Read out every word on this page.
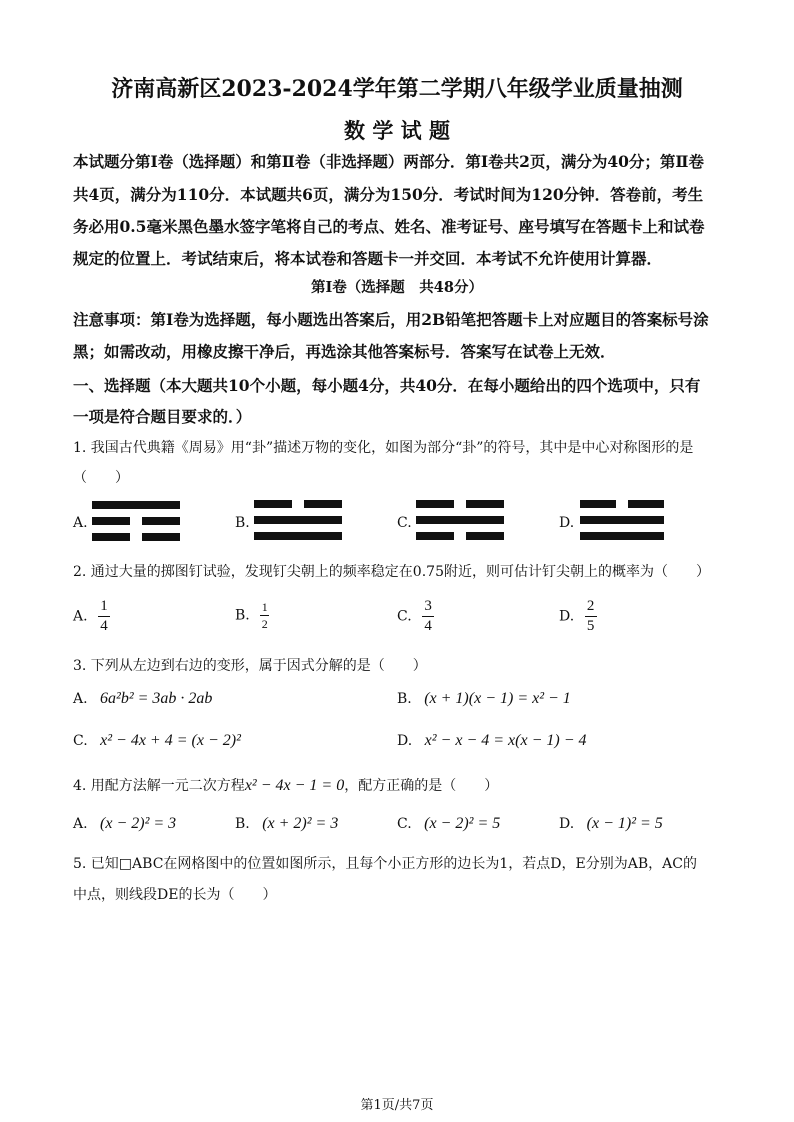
济南高新区2023-2024学年第二学期八年级学业质量抽测
数 学 试 题
本试题分第Ⅰ卷（选择题）和第Ⅱ卷（非选择题）两部分．第Ⅰ卷共2页，满分为40分；第Ⅱ卷
共4页，满分为110分．本试题共6页，满分为150分．考试时间为120分钟．答卷前，考生
务必用0.5毫米黑色墨水签字笔将自己的考点、姓名、准考证号、座号填写在答题卡上和试卷
规定的位置上．考试结束后，将本试卷和答题卡一并交回．本考试不允许使用计算器．
第Ⅰ卷（选择题　共48分）
注意事项：第Ⅰ卷为选择题，每小题选出答案后，用2B铅笔把答题卡上对应题目的答案标号涂
黑；如需改动，用橡皮擦干净后，再选涂其他答案标号．答案写在试卷上无效．
一、选择题（本大题共10个小题，每小题4分，共40分．在每小题给出的四个选项中，只有
一项是符合题目要求的．）
1. 我国古代典籍《周易》用“卦”描述万物的变化，如图为部分“卦”的符号，其中是中心对称图形的是
（　　）
A.	B.	C.	D.
2. 通过大量的掷图钉试验，发现钉尖朝上的频率稳定在0.75附近，则可估计钉尖朝上的概率为（　　）
A. $\frac{1}{4}$	B. $\frac{1}{2}$	C. $\frac{3}{4}$	D. $\frac{2}{5}$
3. 下列从左边到右边的变形，属于因式分解的是（　　）
A. 6a²b² = 3ab · 2ab	B. (x + 1)(x − 1) = x² − 1
C. x² − 4x + 4 = (x − 2)²	D. x² − x − 4 = x(x − 1) − 4
4. 用配方法解一元二次方程x² − 4x − 1 = 0，配方正确的是（　　）
A. (x − 2)² = 3	B. (x + 2)² = 3	C. (x − 2)² = 5	D. (x − 1)² = 5
5. 已知□ABC在网格图中的位置如图所示，且每个小正方形的边长为1，若点D，E分别为AB，AC的
中点，则线段DE的长为（　　）
第1页/共7页
